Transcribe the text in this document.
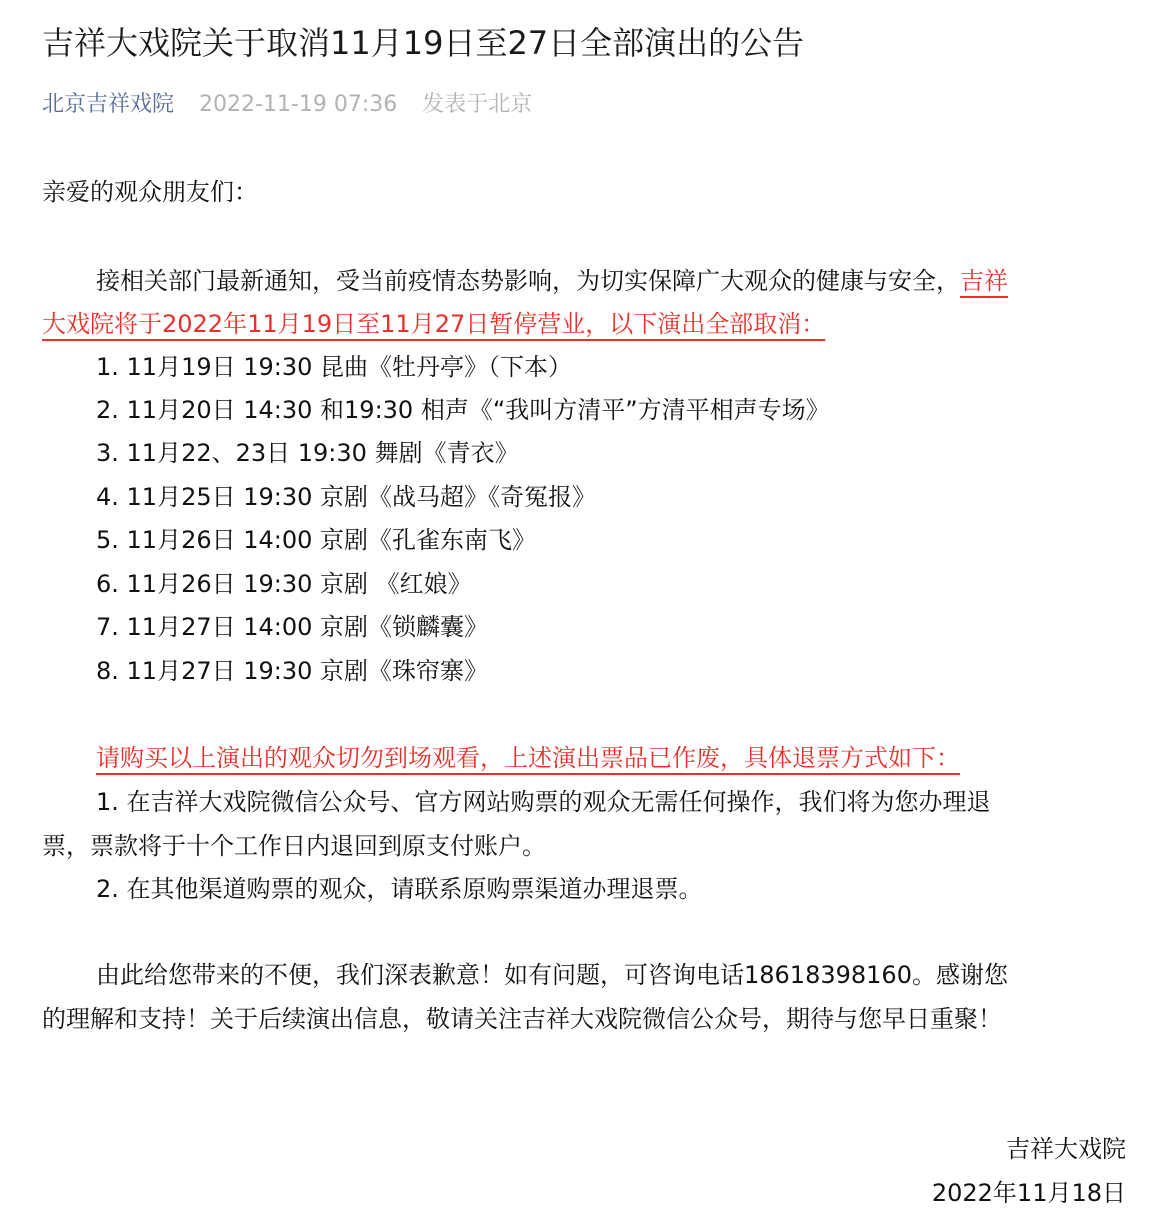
吉祥大戏院关于取消11月19日至27日全部演出的公告
北京吉祥戏院 2022-11-19 07:36 发表于北京
亲爱的观众朋友们：
接相关部门最新通知，受当前疫情态势影响，为切实保障广大观众的健康与安全，吉祥
大戏院将于2022年11月19日至11月27日暂停营业，以下演出全部取消：
1. 11月19日 19:30 昆曲《牡丹亭》（下本）
2. 11月20日 14:30 和19:30 相声《“我叫方清平”方清平相声专场》
3. 11月22、23日 19:30 舞剧《青衣》
4. 11月25日 19:30 京剧《战马超》《奇冤报》
5. 11月26日 14:00 京剧《孔雀东南飞》
6. 11月26日 19:30 京剧 《红娘》
7. 11月27日 14:00 京剧《锁麟囊》
8. 11月27日 19:30 京剧《珠帘寨》
请购买以上演出的观众切勿到场观看，上述演出票品已作废，具体退票方式如下：
1. 在吉祥大戏院微信公众号、官方网站购票的观众无需任何操作，我们将为您办理退
票，票款将于十个工作日内退回到原支付账户。
2. 在其他渠道购票的观众，请联系原购票渠道办理退票。
由此给您带来的不便，我们深表歉意！如有问题，可咨询电话18618398160。感谢您
的理解和支持！关于后续演出信息，敬请关注吉祥大戏院微信公众号，期待与您早日重聚！
吉祥大戏院
2022年11月18日
